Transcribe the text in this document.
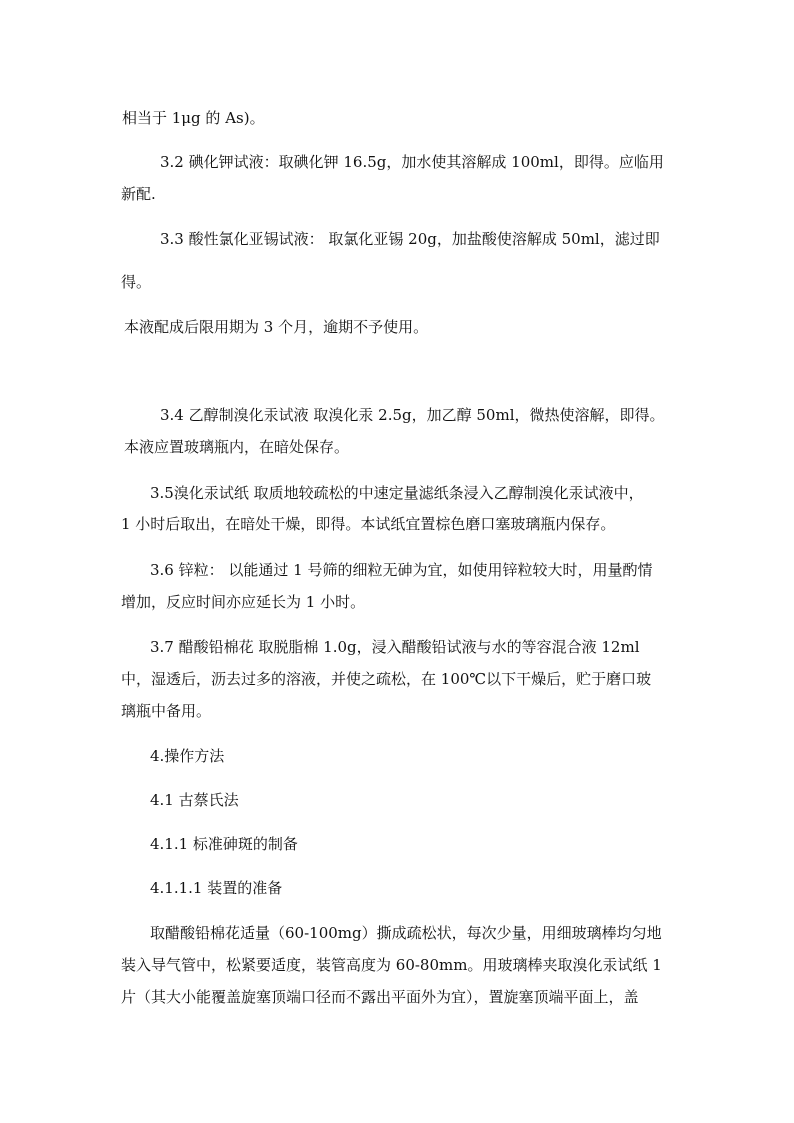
相当于 1μg 的 As)。
3.2 碘化钾试液：取碘化钾 16.5g，加水使其溶解成 100ml，即得。应临用
新配.
3.3 酸性氯化亚锡试液： 取氯化亚锡 20g，加盐酸使溶解成 50ml，滤过即
得。
本液配成后限用期为 3 个月，逾期不予使用。
3.4 乙醇制溴化汞试液 取溴化汞 2.5g，加乙醇 50ml，微热使溶解，即得。
本液应置玻璃瓶内，在暗处保存。
3.5溴化汞试纸 取质地较疏松的中速定量滤纸条浸入乙醇制溴化汞试液中，
1 小时后取出，在暗处干燥，即得。本试纸宜置棕色磨口塞玻璃瓶内保存。
3.6 锌粒： 以能通过 1 号筛的细粒无砷为宜，如使用锌粒较大时，用量酌情
增加，反应时间亦应延长为 1 小时。
3.7 醋酸铅棉花 取脱脂棉 1.0g，浸入醋酸铅试液与水的等容混合液 12ml
中，湿透后，沥去过多的溶液，并使之疏松，在 100℃以下干燥后，贮于磨口玻
璃瓶中备用。
4.操作方法
4.1 古蔡氏法
4.1.1 标准砷斑的制备
4.1.1.1 装置的准备
取醋酸铅棉花适量（60-100mg）撕成疏松状，每次少量，用细玻璃棒均匀地
装入导气管中，松紧要适度，装管高度为 60-80mm。用玻璃棒夹取溴化汞试纸 1
片（其大小能覆盖旋塞顶端口径而不露出平面外为宜），置旋塞顶端平面上，盖
